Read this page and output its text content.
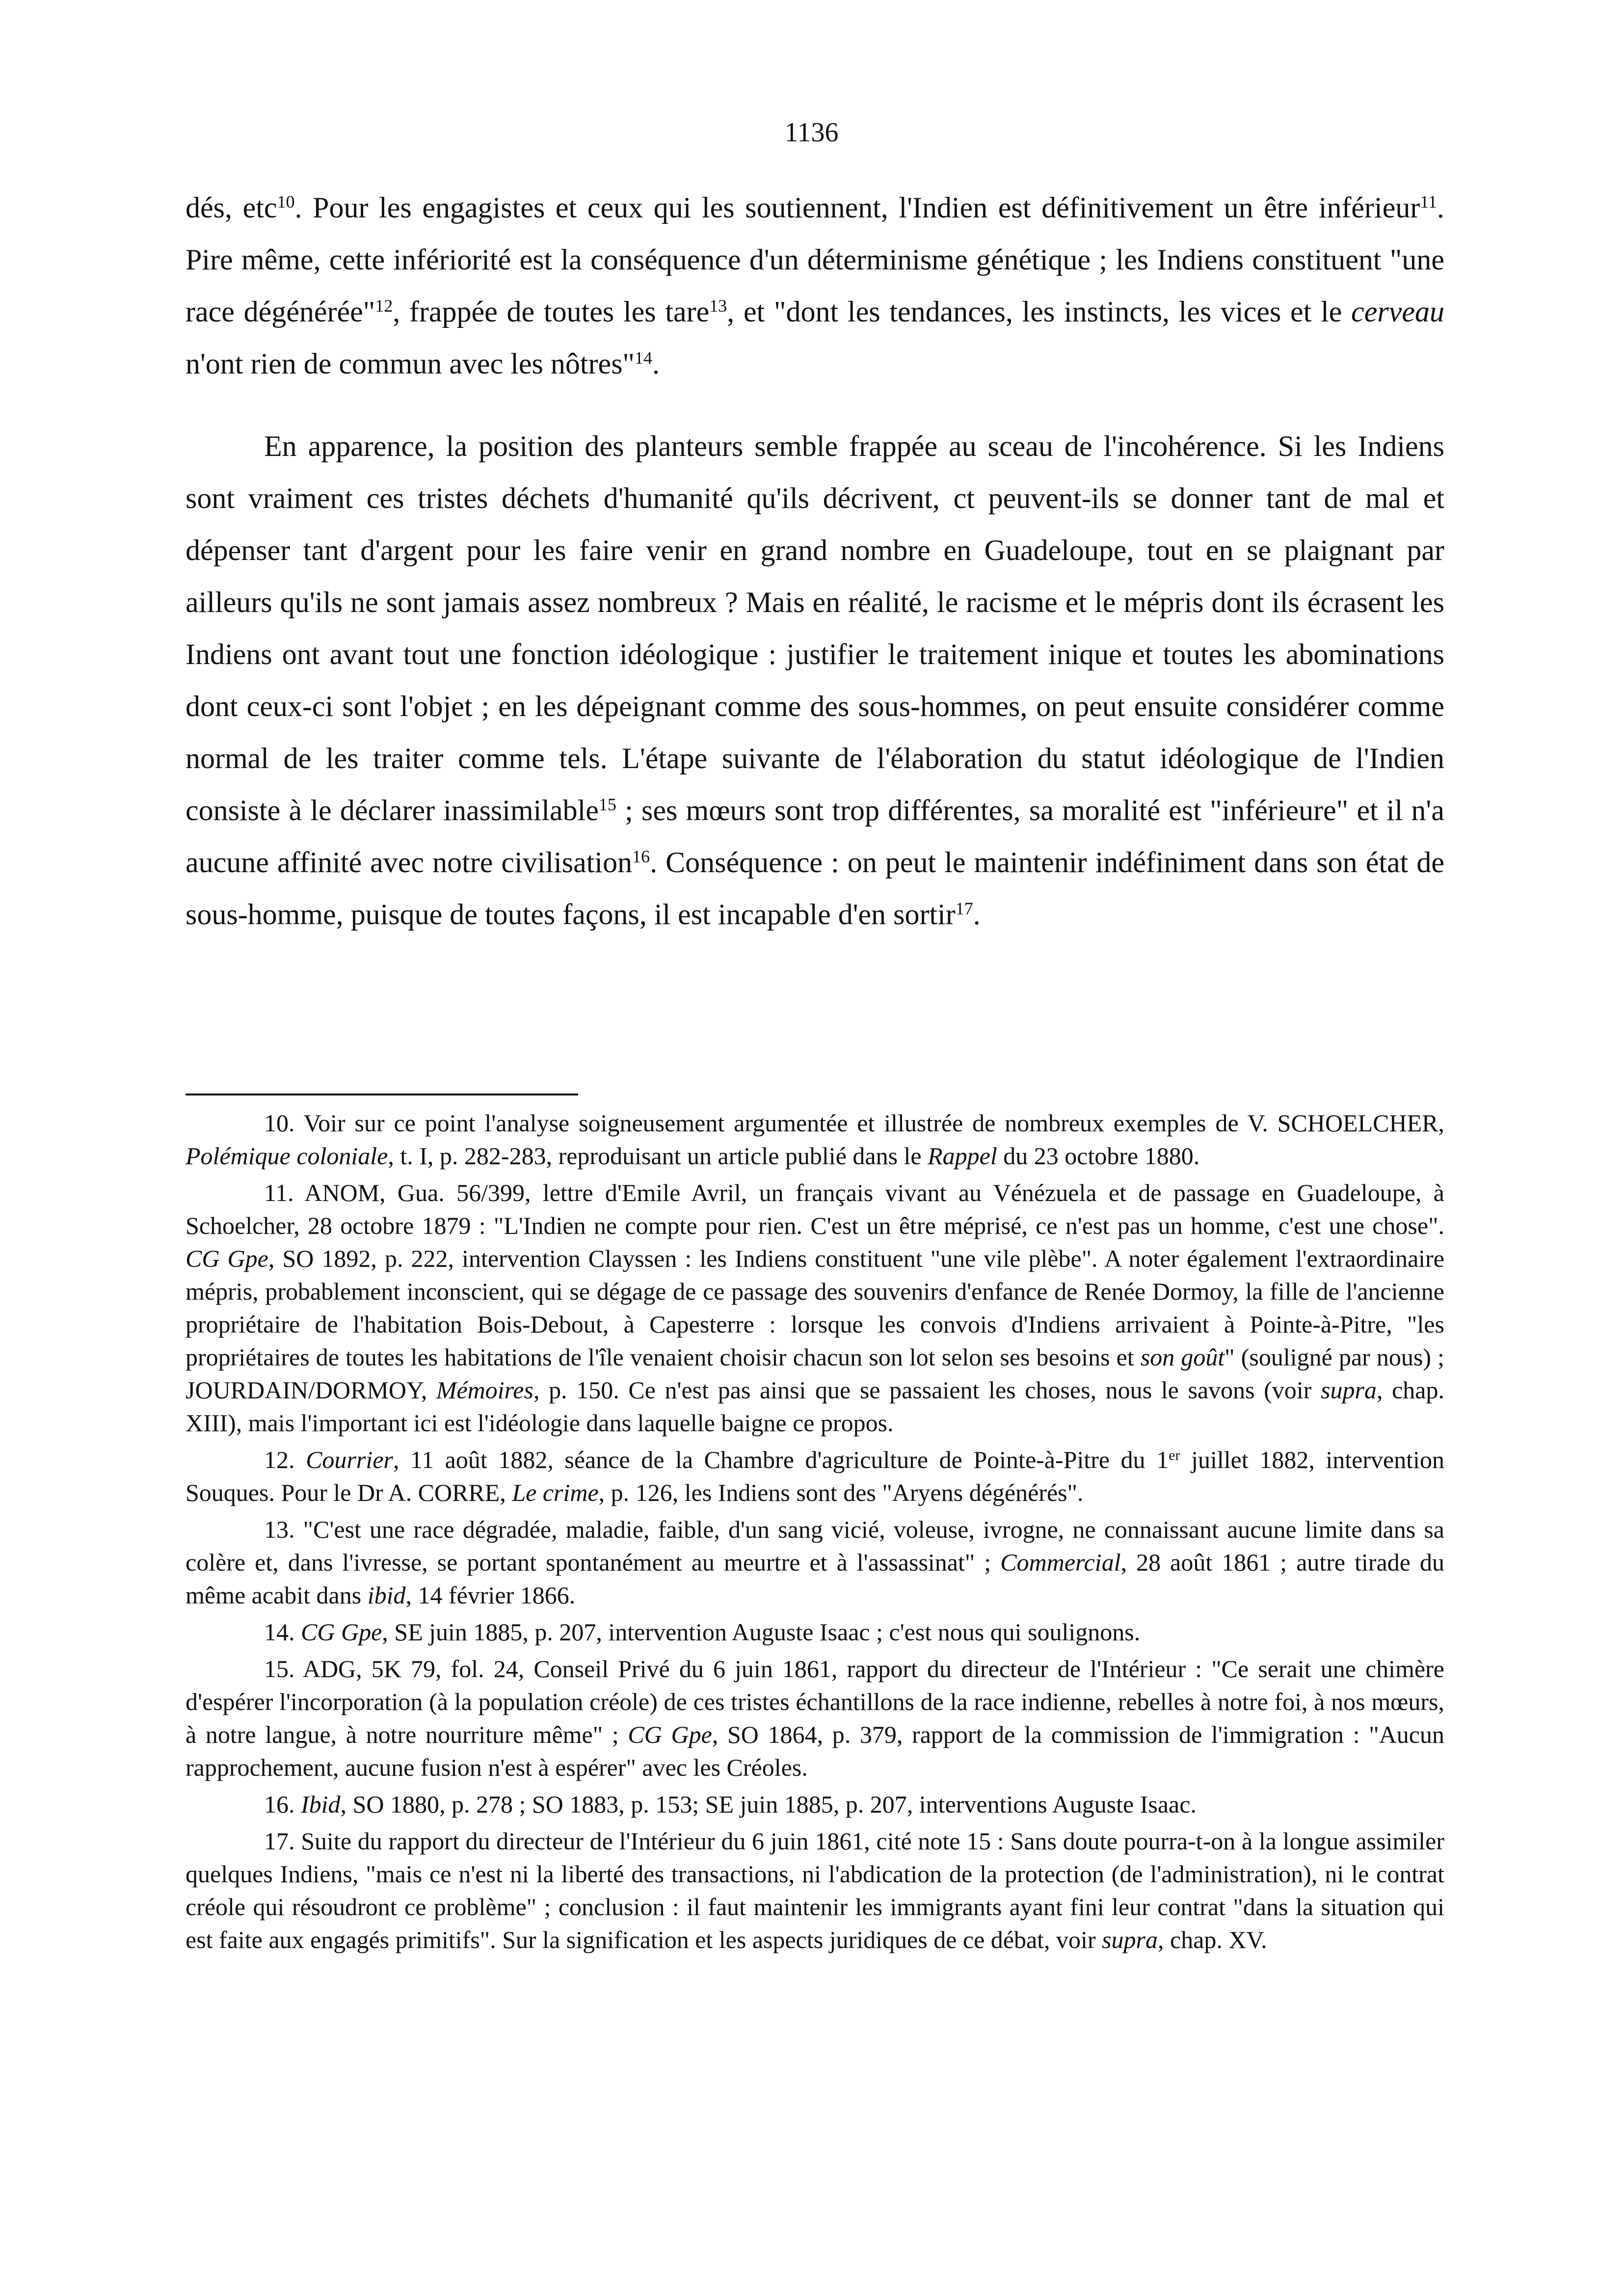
1136

dés, etc$^{10}$. Pour les engagistes et ceux qui les soutiennent, l'Indien est définitivement un être inférieur$^{11}$. Pire même, cette infériorité est la conséquence d'un déterminisme génétique ; les Indiens constituent "une race dégénérée"$^{12}$, frappée de toutes les tare$^{13}$, et "dont les tendances, les instincts, les vices et le cerveau n'ont rien de commun avec les nôtres"$^{14}$.

En apparence, la position des planteurs semble frappée au sceau de l'incohérence. Si les Indiens sont vraiment ces tristes déchets d'humanité qu'ils décrivent, ct peuvent-ils se donner tant de mal et dépenser tant d'argent pour les faire venir en grand nombre en Guadeloupe, tout en se plaignant par ailleurs qu'ils ne sont jamais assez nombreux ? Mais en réalité, le racisme et le mépris dont ils écrasent les Indiens ont avant tout une fonction idéologique : justifier le traitement inique et toutes les abominations dont ceux-ci sont l'objet ; en les dépeignant comme des sous-hommes, on peut ensuite considérer comme normal de les traiter comme tels. L'étape suivante de l'élaboration du statut idéologique de l'Indien consiste à le déclarer inassimilable$^{15}$ ; ses mœurs sont trop différentes, sa moralité est "inférieure" et il n'a aucune affinité avec notre civilisation$^{16}$. Conséquence : on peut le maintenir indéfiniment dans son état de sous-homme, puisque de toutes façons, il est incapable d'en sortir$^{17}$.

10. Voir sur ce point l'analyse soigneusement argumentée et illustrée de nombreux exemples de V. SCHOELCHER, Polémique coloniale, t. I, p. 282-283, reproduisant un article publié dans le Rappel du 23 octobre 1880.

11. ANOM, Gua. 56/399, lettre d'Emile Avril, un français vivant au Vénézuela et de passage en Guadeloupe, à Schoelcher, 28 octobre 1879 : "L'Indien ne compte pour rien. C'est un être méprisé, ce n'est pas un homme, c'est une chose". CG Gpe, SO 1892, p. 222, intervention Clayssen : les Indiens constituent "une vile plèbe". A noter également l'extraordinaire mépris, probablement inconscient, qui se dégage de ce passage des souvenirs d'enfance de Renée Dormoy, la fille de l'ancienne propriétaire de l'habitation Bois-Debout, à Capesterre : lorsque les convois d'Indiens arrivaient à Pointe-à-Pitre, "les propriétaires de toutes les habitations de l'île venaient choisir chacun son lot selon ses besoins et son goût" (souligné par nous) ; JOURDAIN/DORMOY, Mémoires, p. 150. Ce n'est pas ainsi que se passaient les choses, nous le savons (voir supra, chap. XIII), mais l'important ici est l'idéologie dans laquelle baigne ce propos.

12. Courrier, 11 août 1882, séance de la Chambre d'agriculture de Pointe-à-Pitre du 1er juillet 1882, intervention Souques. Pour le Dr A. CORRE, Le crime, p. 126, les Indiens sont des "Aryens dégénérés".

13. "C'est une race dégradée, maladie, faible, d'un sang vicié, voleuse, ivrogne, ne connaissant aucune limite dans sa colère et, dans l'ivresse, se portant spontanément au meurtre et à l'assassinat" ; Commercial, 28 août 1861 ; autre tirade du même acabit dans ibid, 14 février 1866.

14. CG Gpe, SE juin 1885, p. 207, intervention Auguste Isaac ; c'est nous qui soulignons.

15. ADG, 5K 79, fol. 24, Conseil Privé du 6 juin 1861, rapport du directeur de l'Intérieur : "Ce serait une chimère d'espérer l'incorporation (à la population créole) de ces tristes échantillons de la race indienne, rebelles à notre foi, à nos mœurs, à notre langue, à notre nourriture même" ; CG Gpe, SO 1864, p. 379, rapport de la commission de l'immigration : "Aucun rapprochement, aucune fusion n'est à espérer" avec les Créoles.

16. Ibid, SO 1880, p. 278 ; SO 1883, p. 153; SE juin 1885, p. 207, interventions Auguste Isaac.

17. Suite du rapport du directeur de l'Intérieur du 6 juin 1861, cité note 15 : Sans doute pourra-t-on à la longue assimiler quelques Indiens, "mais ce n'est ni la liberté des transactions, ni l'abdication de la protection (de l'administration), ni le contrat créole qui résoudront ce problème" ; conclusion : il faut maintenir les immigrants ayant fini leur contrat "dans la situation qui est faite aux engagés primitifs". Sur la signification et les aspects juridiques de ce débat, voir supra, chap. XV.
